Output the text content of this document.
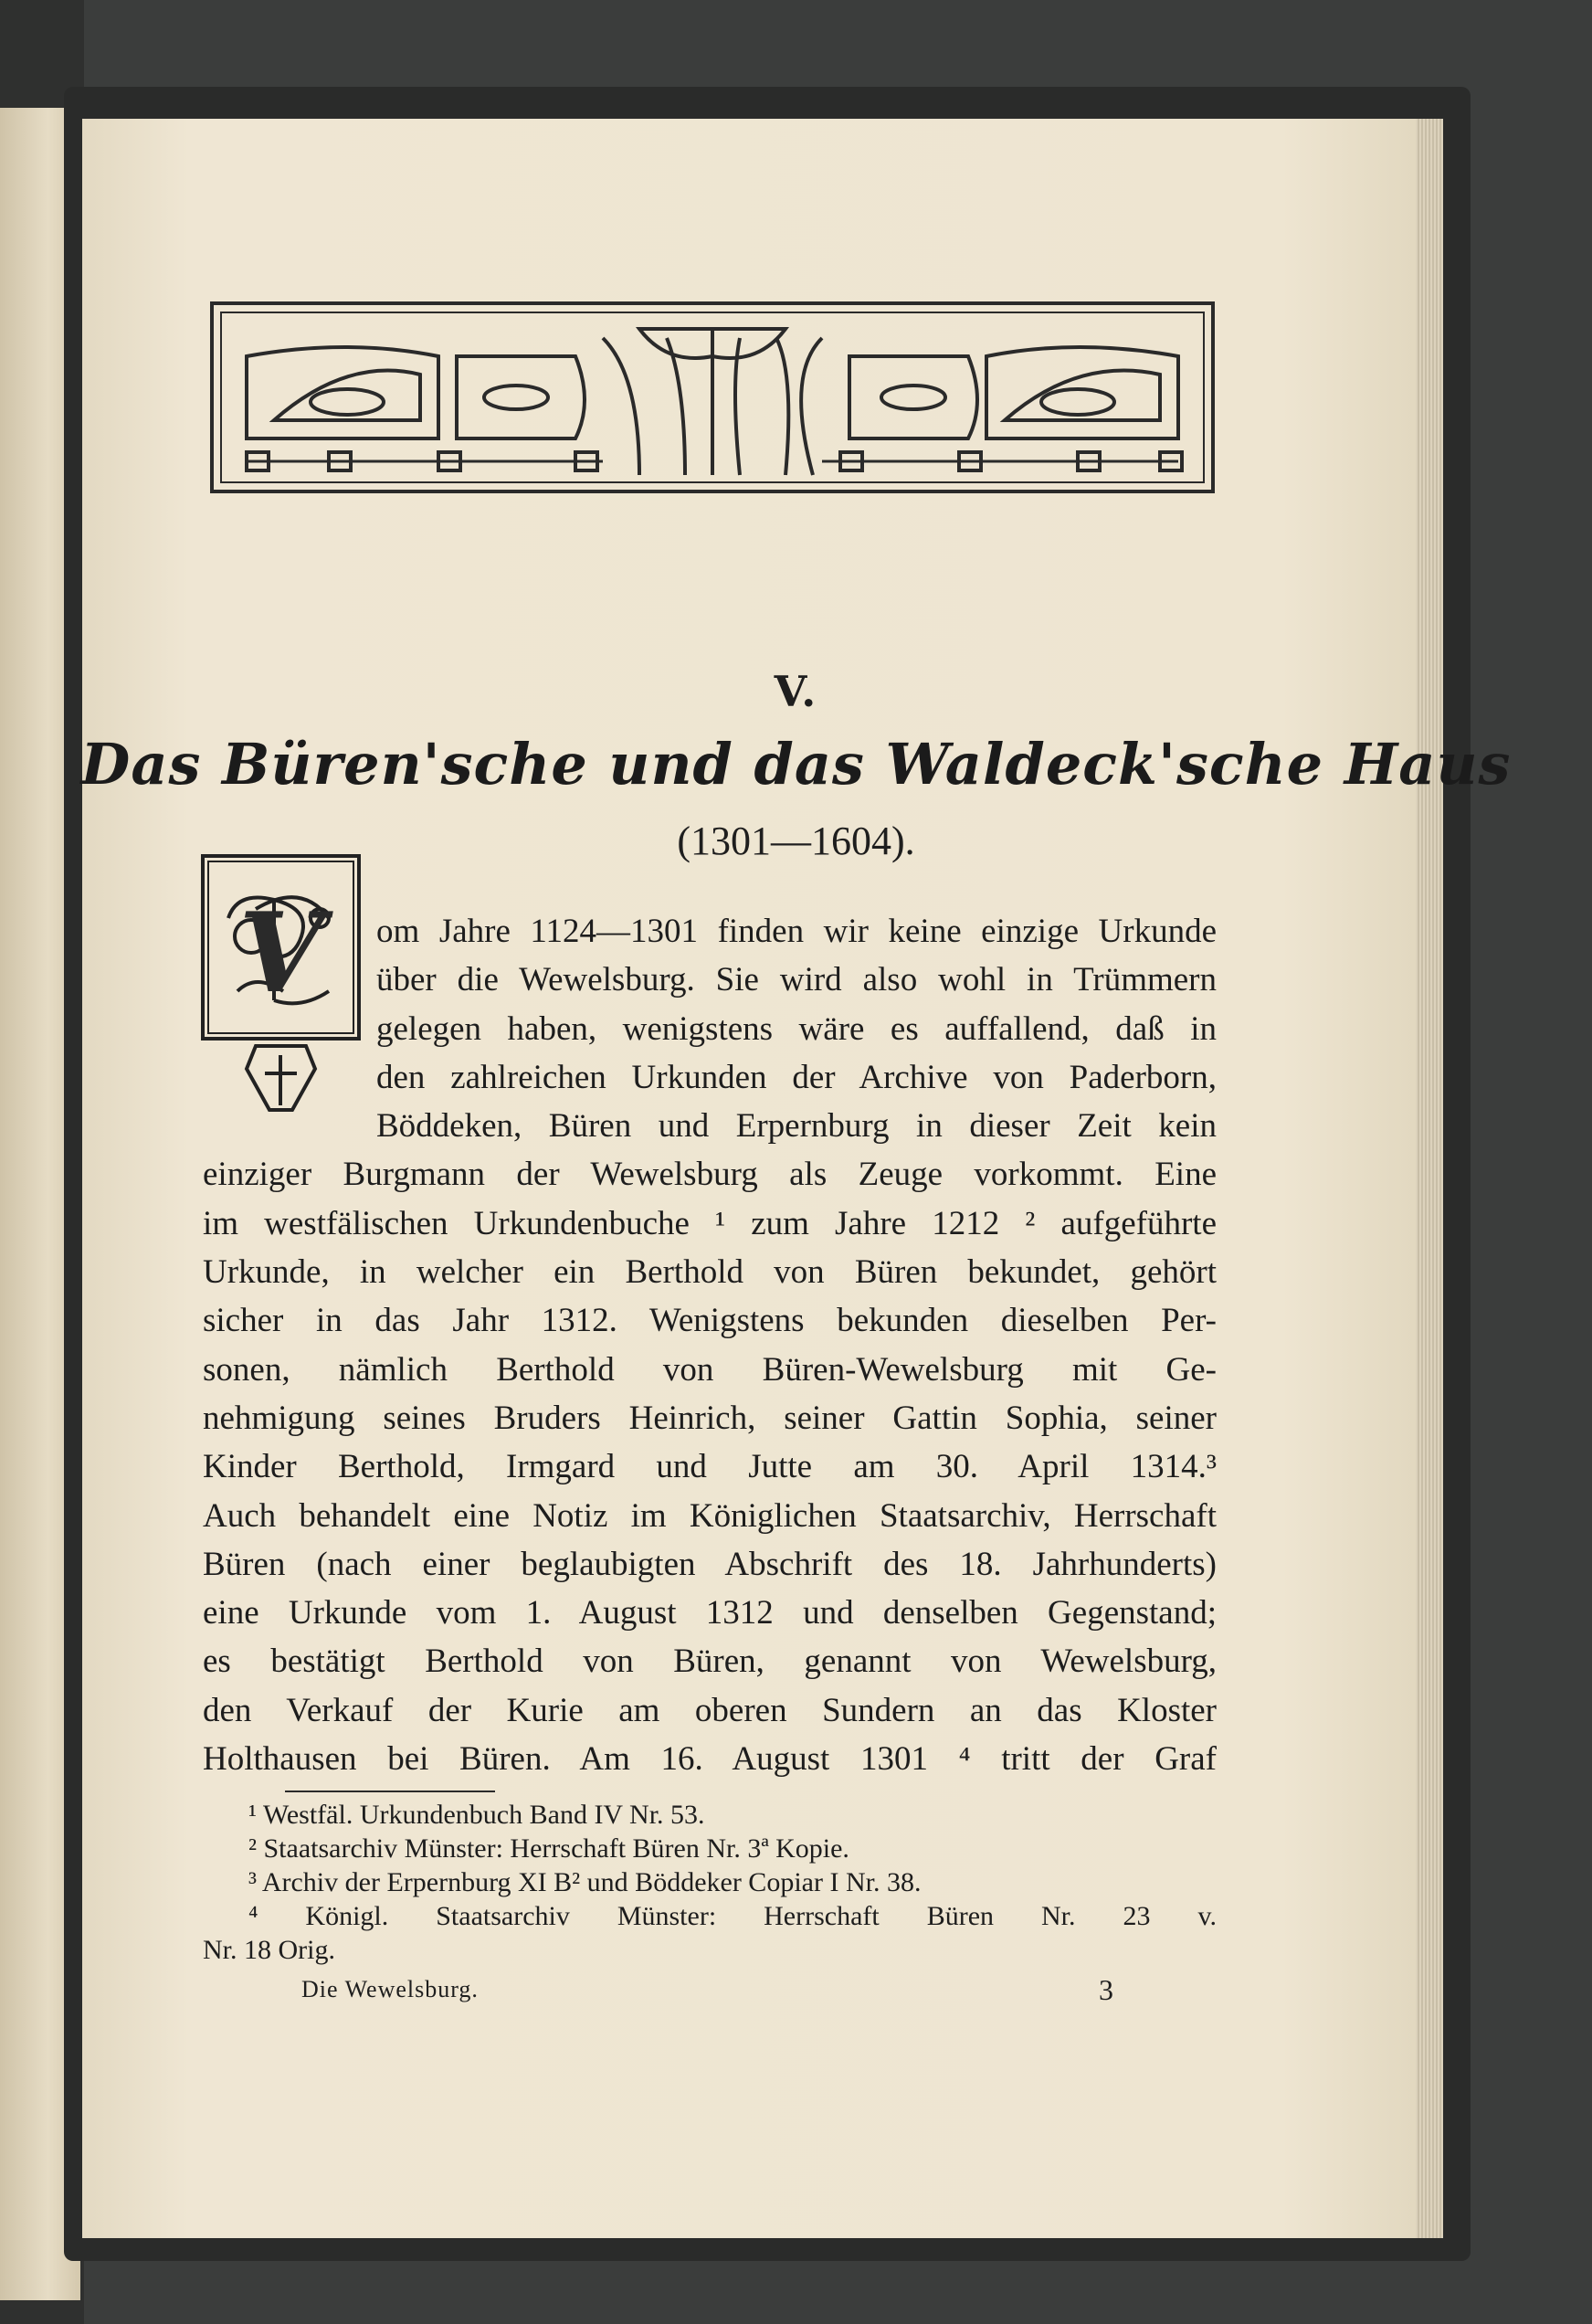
V.
Das Büren'sche und das Waldeck'sche Haus
(1301—1604).
V	om Jahre 1124—1301 finden wir keine einzige Urkunde
über die Wewelsburg. Sie wird also wohl in Trümmern
gelegen haben, wenigstens wäre es auffallend, daß in
den zahlreichen Urkunden der Archive von Paderborn,
Böddeken, Büren und Erpernburg in dieser Zeit kein
einziger Burgmann der Wewelsburg als Zeuge vorkommt. Eine
im westfälischen Urkundenbuche ¹ zum Jahre 1212 ² aufgeführte
Urkunde, in welcher ein Berthold von Büren bekundet, gehört
sicher in das Jahr 1312. Wenigstens bekunden dieselben Per-
sonen, nämlich Berthold von Büren-Wewelsburg mit Ge-
nehmigung seines Bruders Heinrich, seiner Gattin Sophia, seiner
Kinder Berthold, Irmgard und Jutte am 30. April 1314.³
Auch behandelt eine Notiz im Königlichen Staatsarchiv, Herrschaft
Büren (nach einer beglaubigten Abschrift des 18. Jahrhunderts)
eine Urkunde vom 1. August 1312 und denselben Gegenstand;
es bestätigt Berthold von Büren, genannt von Wewelsburg,
den Verkauf der Kurie am oberen Sundern an das Kloster
Holthausen bei Büren. Am 16. August 1301 ⁴ tritt der Graf
¹ Westfäl. Urkundenbuch Band IV Nr. 53.
² Staatsarchiv Münster: Herrschaft Büren Nr. 3ª Kopie.
³ Archiv der Erpernburg XI B² und Böddeker Copiar I Nr. 38.
⁴ Königl. Staatsarchiv Münster: Herrschaft Büren Nr. 23 v.
Nr. 18 Orig.
Die Wewelsburg.	3
